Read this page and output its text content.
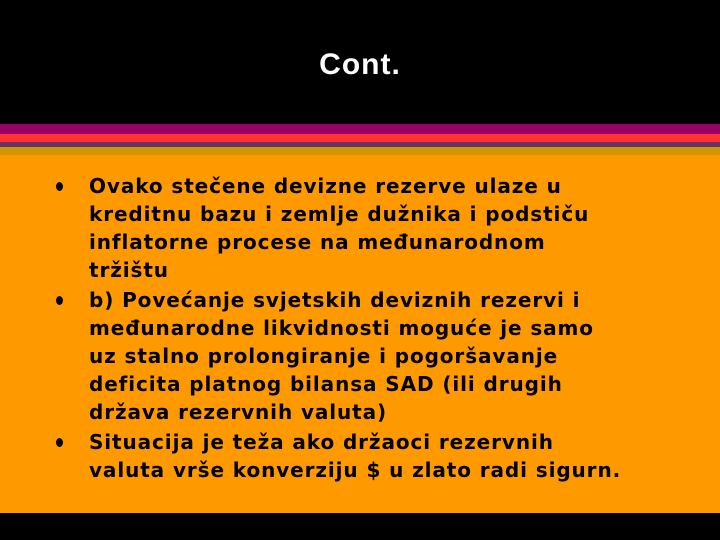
Cont.
Ovako stečene devizne rezerve ulaze u
kreditnu bazu i zemlje dužnika i podstiču
inflatorne procese na međunarodnom
tržištu
b) Povećanje svjetskih deviznih rezervi i
međunarodne likvidnosti moguće je samo
uz stalno prolongiranje i pogoršavanje
deficita platnog bilansa SAD (ili drugih
država rezervnih valuta)
Situacija je teža ako držaoci rezervnih
valuta vrše konverziju $ u zlato radi sigurn.
